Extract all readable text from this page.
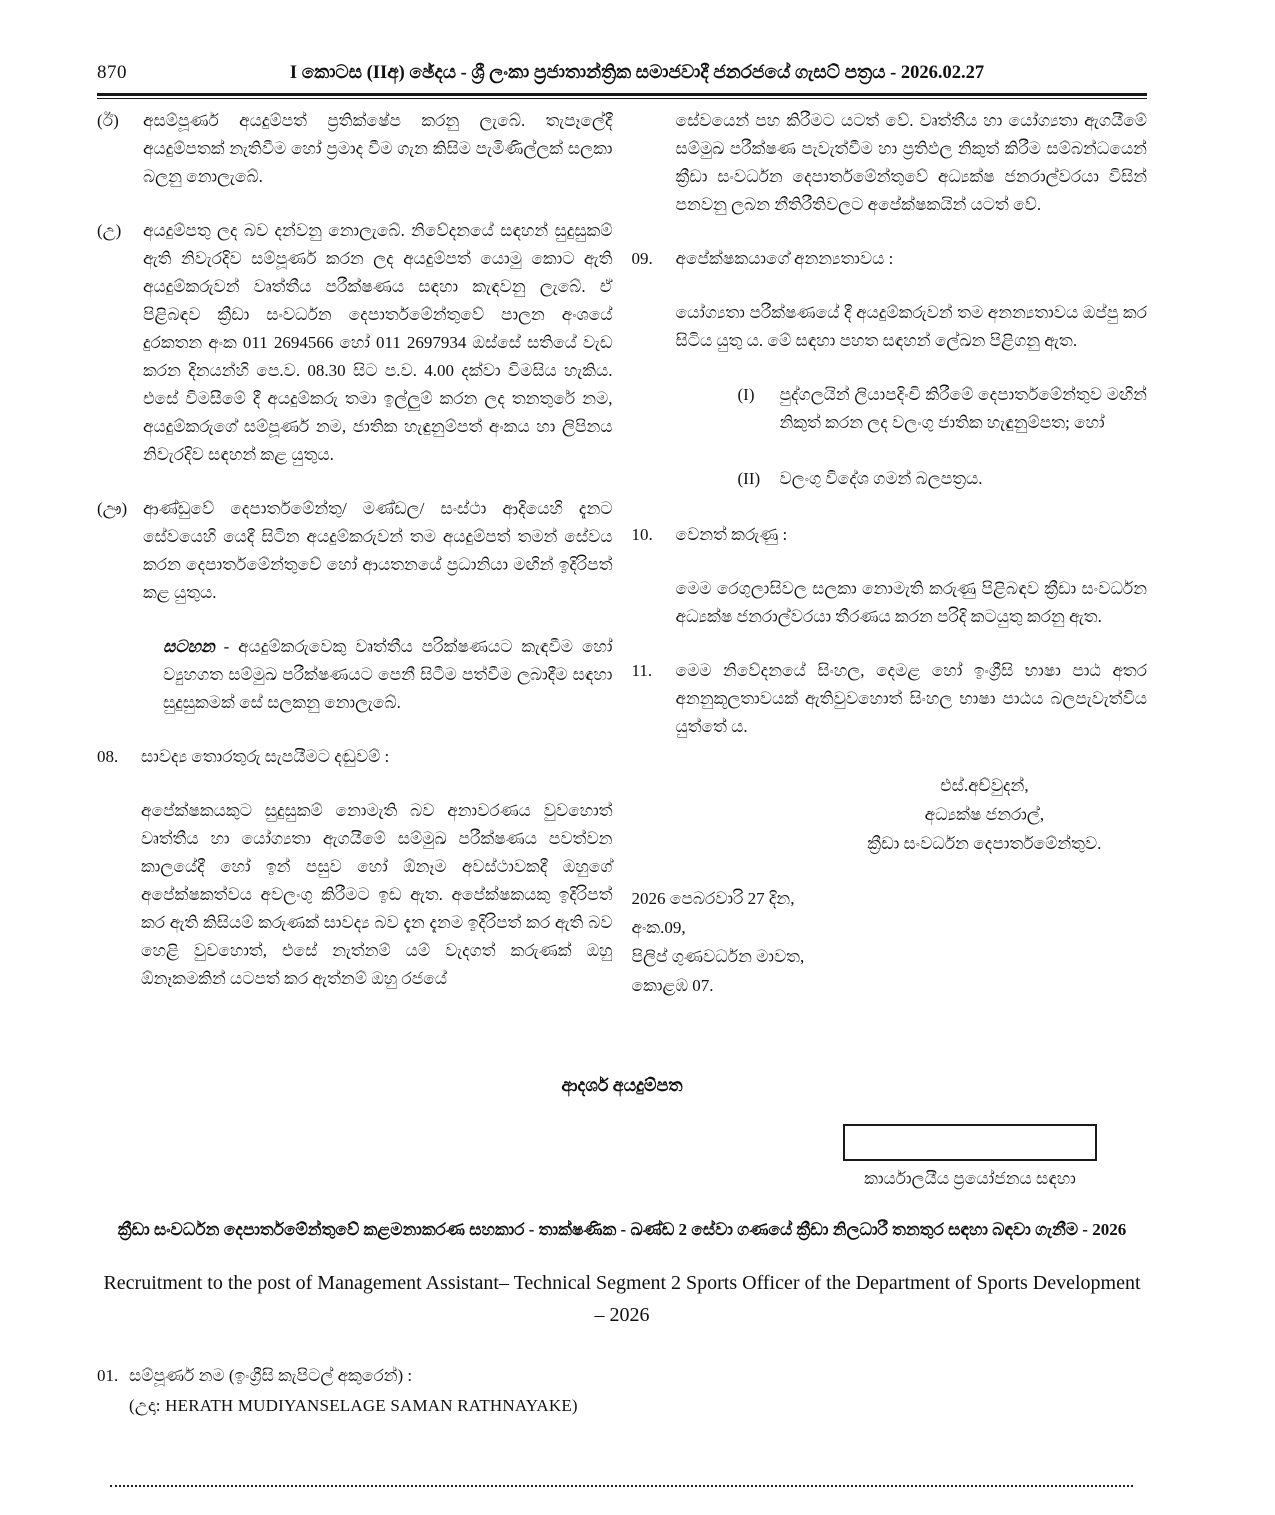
870	I කොටස (IIඅ) ඡේදය - ශ්‍රී ලංකා ප්‍රජාතාන්ත්‍රික සමාජවාදී ජනරජයේ ගැසට් පත්‍රය - 2026.02.27
(ඊ)	අසම්පූර්ණ අයදුම්පත් ප්‍රතික්ෂේප කරනු ලැබේ. තැපෑලේදී අයදුම්පතක් නැතිවීම හෝ ප්‍රමාද වීම ගැන කිසිම පැමිණිල්ලක් සලකා බලනු නොලැබේ.
(උ)	අයදුම්පතු ලද බව දන්වනු නොලැබේ. නිවේදනයේ සඳහන් සුදුසුකම් ඇති නිවැරදිව සම්පූර්ණ කරන ලද අයදුම්පත් යොමු කොට ඇති අයදුම්කරුවන් වෘත්තීය පරීක්ෂණය සඳහා කැඳවනු ලැබේ. ඒ පිළිබඳව ක්‍රීඩා සංවර්ධන දෙපාර්තමේන්තුවේ පාලන අංශයේ දුරකතන අංක 011 2694566 හෝ 011 2697934 ඔස්සේ සතියේ වැඩ කරන දිනයන්හි පෙ.ව. 08.30 සිට ප.ව. 4.00 දක්වා විමසිය හැකිය. එසේ විමසීමේ දී අයදුම්කරු තමා ඉල්ලුම් කරන ලද තනතුරේ නම, අයදුම්කරුගේ සම්පූර්ණ නම, ජාතික හැඳුනුම්පත් අංකය හා ලිපිනය නිවැරදිව සඳහන් කළ යුතුය.
(ඌ) ආණ්ඩුවේ දෙපාර්තමේන්තු/ මණ්ඩල/ සංස්ථා ආදියෙහි දැනට සේවයෙහි යෙදී සිටින අයදුම්කරුවන් තම අයදුම්පත් තමන් සේවය කරන දෙපාර්තමේන්තුවේ හෝ ආයතනයේ ප්‍රධානියා මඟින් ඉදිරිපත් කළ යුතුය.

සටහන - අයදුම්කරුවෙකු වෘත්තීය පරික්ෂණයට කැඳවීම හෝ ව්‍යුහගත සම්මුඛ පරීක්ෂණයට පෙනී සිටීම පත්වීම ලබාදීම සඳහා සුදුසුකමක් සේ සලකනු නොලැබේ.

08.	සාවද්‍ය තොරතුරු සැපයීමට දඬුවම් :

අපේක්ෂකයකුට සුදුසුකම් නොමැති බව අනාවරණය වුවහොත් වෘත්තීය හා යෝග්‍යතා ඇගයීමේ සම්මුඛ පරීක්ෂණය පවත්වන කාලයේදී හෝ ඉන් පසුව හෝ ඕනෑම අවස්ථාවකදී ඔහුගේ අපේක්ෂකත්වය අවලංගු කිරීමට ඉඩ ඇත. අපේක්ෂකයකු ඉදිරිපත් කර ඇති කිසියම් කරුණක් සාවද්‍ය බව දැන දැනම ඉදිරිපත් කර ඇති බව හෙළි වුවහොත්, එසේ නැත්නම් යම් වැදගත් කරුණක් ඔහු ඕනෑකමකින් යටපත් කර ඇත්නම් ඔහු රජයේ

සේවයෙන් පහ කිරීමට යටත් වේ. වෘත්තීය හා යෝග්‍යතා ඇගයීමේ සම්මුඛ පරීක්ෂණ පැවැත්වීම හා ප්‍රතිඵල නිකුත් කිරීම සම්බන්ධයෙන් ක්‍රීඩා සංවර්ධන දෙපාර්තමේන්තුවේ අධ්‍යක්ෂ ජනරාල්වරයා විසින් පනවනු ලබන නීතිරීතිවලට අපේක්ෂකයින් යටත් වේ.

09.	අපේක්ෂකයාගේ අනන්‍යතාවය :

යෝග්‍යතා පරීක්ෂණයේ දී අයදුම්කරුවන් තම අනන්‍යතාවය ඔප්පු කර සිටිය යුතු ය. මේ සඳහා පහත සඳහන් ලේඛන පිළිගනු ඇත.

(I)	පුද්ගලයින් ලියාපදිංචි කිරීමේ දෙපාර්තමේන්තුව මඟින් නිකුත් කරන ලද වලංගු ජාතික හැඳුනුම්පත; හෝ
(II)	වලංගු විදේශ ගමන් බලපත්‍රය.
10.	වෙනත් කරුණු :

මෙම රෙගුලාසිවල සලකා නොමැති කරුණු පිළිබඳව ක්‍රීඩා සංවර්ධන අධ්‍යක්ෂ ජනරාල්වරයා තීරණය කරන පරිදි කටයුතු කරනු ඇත.

11.	මෙම නිවේදනයේ සිංහල, දෙමළ හෝ ඉංග්‍රීසි භාෂා පාඨ අතර අනනුකූලතාවයක් ඇතිවුවහොත් සිංහල භාෂා පාඨය බලපැවැත්විය යුත්තේ ය.
එස්.අච්වුදන්,
අධ්‍යක්ෂ ජනරාල්,
ක්‍රීඩා සංවර්ධන දෙපාර්තමේන්තුව.
2026 පෙබරවාරි 27 දින,
අංක.09,
පිලිප් ගුණවර්ධන මාවත,
කොළඹ 07.
ආදර්ශ අයදුම්පත
කාර්යාලයීය ප්‍රයෝජනය සඳහා
ක්‍රීඩා සංවර්ධන දෙපාර්තමේන්තුවේ කළමනාකරණ සහකාර - තාක්ෂණික - ඛණ්ඩ 2 සේවා ගණයේ ක්‍රීඩා නිලධාරී තනතුර සඳහා බඳවා ගැනීම - 2026
Recruitment to the post of Management Assistant– Technical Segment 2 Sports Officer of the Department of Sports Development – 2026
01. සම්පූර්ණ නම (ඉංග්‍රීසි කැපිටල් අකුරෙන්) :
(උදා: HERATH MUDIYANSELAGE SAMAN RATHNAYAKE)
